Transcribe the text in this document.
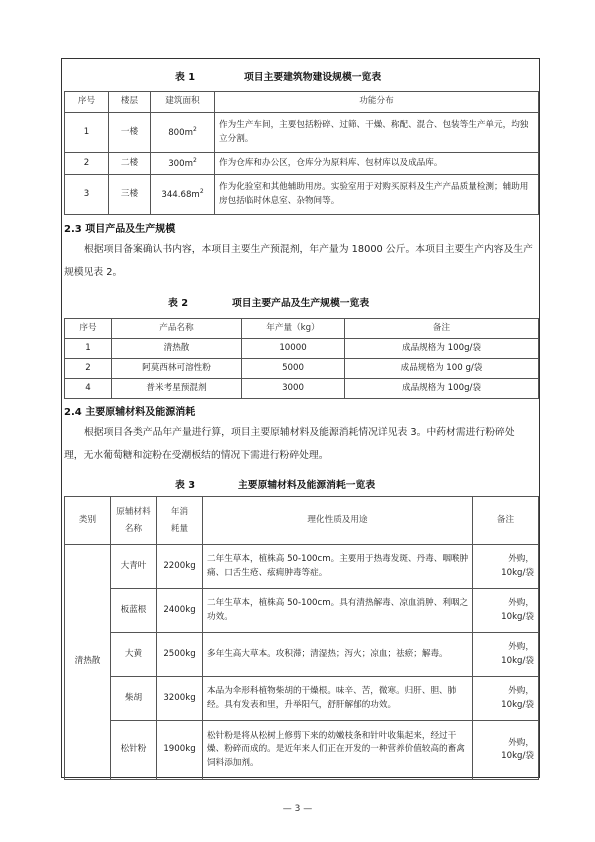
表 1	项目主要建筑物建设规模一览表
序号	楼层	建筑面积	功能分布
1	一楼	$800m^2$	作为生产车间，主要包括粉碎、过筛、干燥、称配、混合、包装等生产单元，均独立分割。
2	二楼	$300m^2$	作为仓库和办公区，仓库分为原料库、包材库以及成品库。
3	三楼	$344.68m^2$	作为化验室和其他辅助用房。实验室用于对购买原料及生产产品质量检测；辅助用房包括临时休息室、杂物间等。
2.3 项目产品及生产规模
根据项目备案确认书内容，本项目主要生产预混剂，年产量为 18000 公斤。本项目主要生产内容及生产规模见表 2。
表 2	项目主要产品及生产规模一览表
序号	产品名称	年产量（kg）	备注
1	清热散	10000	成品规格为 100g/袋
2	阿莫西林可溶性粉	5000	成品规格为 100 g/袋
4	普米考星预混剂	3000	成品规格为 100g/袋
2.4 主要原辅材料及能源消耗
根据项目各类产品年产量进行算，项目主要原辅材料及能源消耗情况详见表 3。中药材需进行粉碎处理，无水葡萄糖和淀粉在受潮板结的情况下需进行粉碎处理。
表 3	主要原辅材料及能源消耗一览表
类别	原辅材料名称	年消耗量	理化性质及用途	备注
清热散	大青叶	2200kg	二年生草本，植株高 50-100cm。主要用于热毒发斑、丹毒、咽喉肿痛、口舌生疮、痃痈肿毒等症。	外购，
10kg/袋

	板蓝根	2400kg	二年生草本，植株高 50-100cm。具有清热解毒、凉血消肿、利咽之功效。	外购，
10kg/袋

	大黄	2500kg	多年生高大草本。攻积滞；清湿热；泻火；凉血；祛瘀；解毒。	外购，
10kg/袋

	柴胡	3200kg	本品为伞形科植物柴胡的干燥根。味辛、苦，微寒。归肝、胆、肺经。具有发表和里，升举阳气，舒肝解郁的功效。	外购，
10kg/袋

	松针粉	1900kg	松针粉是将从松树上修剪下来的幼嫩枝条和针叶收集起来，经过干燥、粉碎而成的。是近年来人们正在开发的一种营养价值较高的畜禽饲料添加剂。	外购，
10kg/袋
— 3 —
